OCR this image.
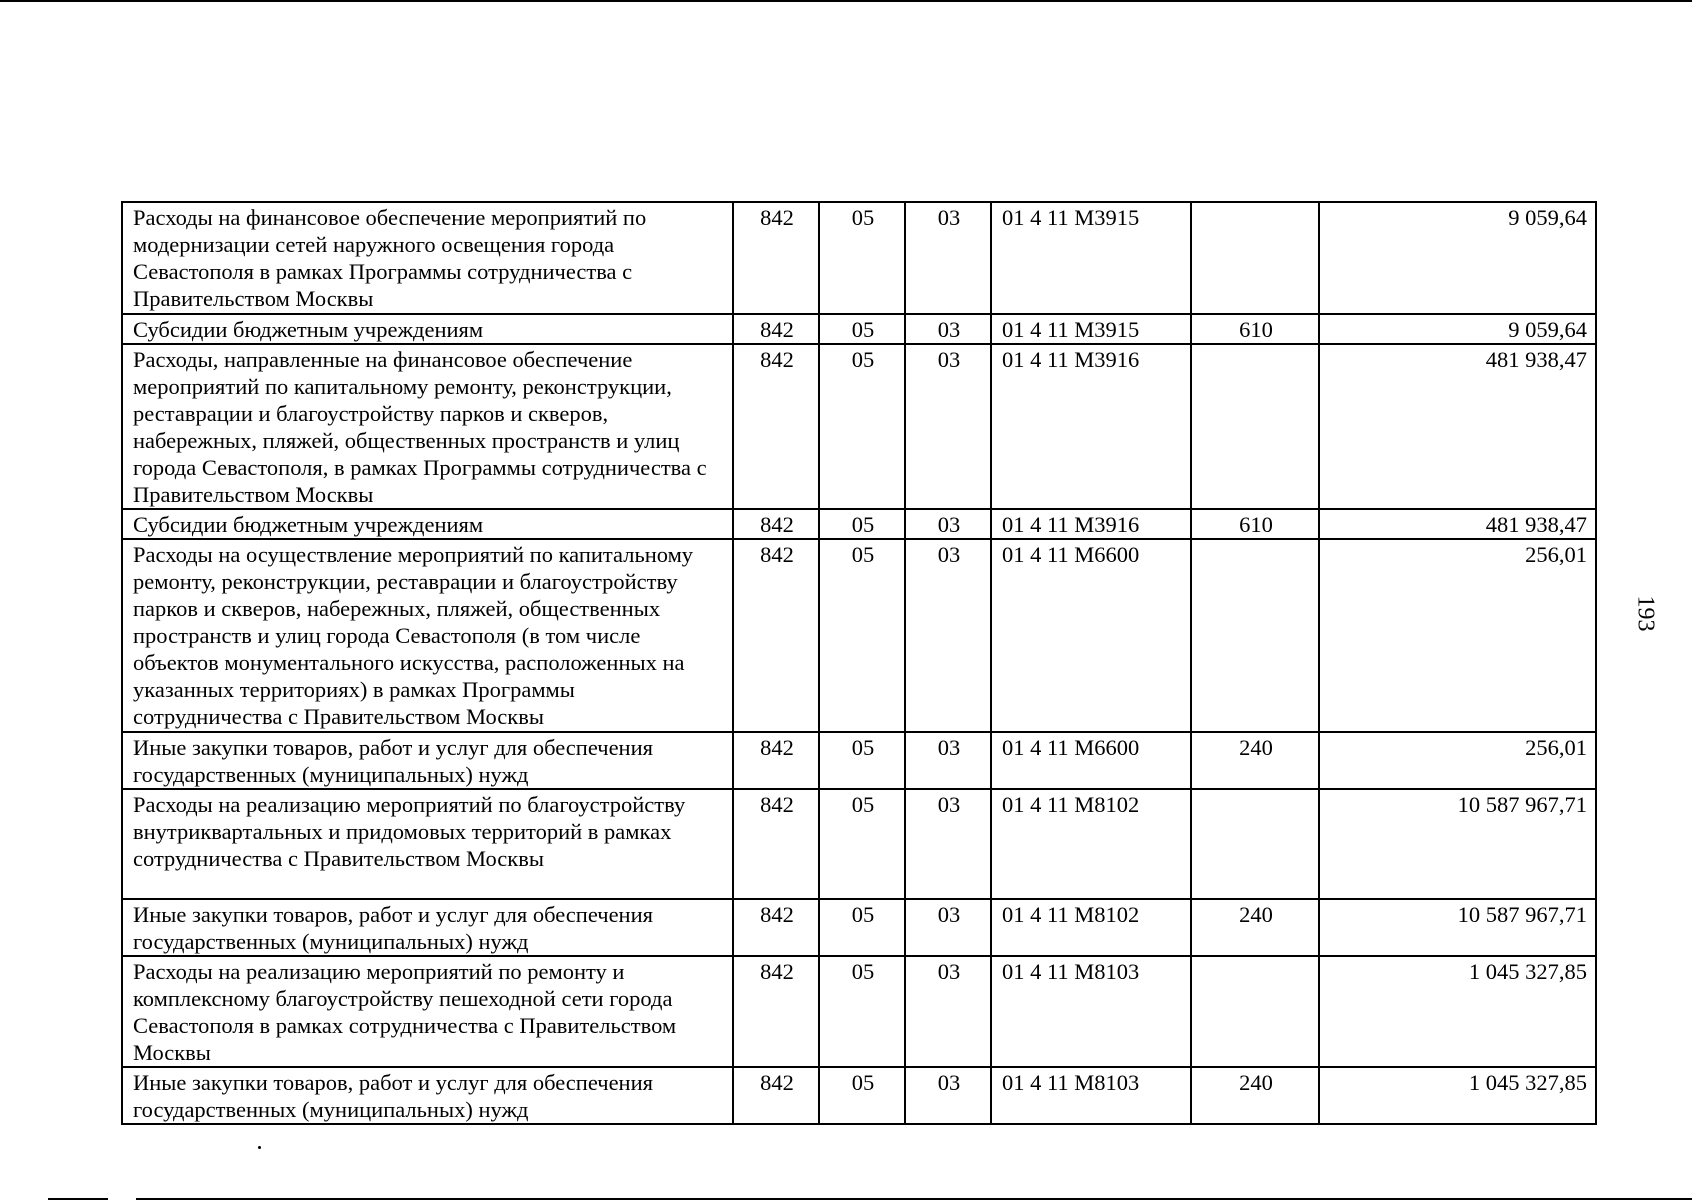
Расходы на финансовое обеспечение мероприятий по модернизации сетей наружного освещения города Севастополя в рамках Программы сотрудничества с Правительством Москвы	842	05	03	01 4 11 М3915		9 059,64
Субсидии бюджетным учреждениям	842	05	03	01 4 11 М3915	610	9 059,64
Расходы, направленные на финансовое обеспечение мероприятий по капитальному ремонту, реконструкции, реставрации и благоустройству парков и скверов, набережных, пляжей, общественных пространств и улиц города Севастополя, в рамках Программы сотрудничества с Правительством Москвы	842	05	03	01 4 11 М3916		481 938,47
Субсидии бюджетным учреждениям	842	05	03	01 4 11 М3916	610	481 938,47
Расходы на осуществление мероприятий по капитальному ремонту, реконструкции, реставрации и благоустройству парков и скверов, набережных, пляжей, общественных пространств и улиц города Севастополя (в том числе объектов монументального искусства, расположенных на указанных территориях) в рамках Программы сотрудничества с Правительством Москвы	842	05	03	01 4 11 М6600		256,01
Иные закупки товаров, работ и услуг для обеспечения государственных (муниципальных) нужд	842	05	03	01 4 11 М6600	240	256,01
Расходы на реализацию мероприятий по благоустройству внутриквартальных и придомовых территорий в рамках сотрудничества с Правительством Москвы	842	05	03	01 4 11 М8102		10 587 967,71
Иные закупки товаров, работ и услуг для обеспечения государственных (муниципальных) нужд	842	05	03	01 4 11 М8102	240	10 587 967,71
Расходы на реализацию мероприятий по ремонту и комплексному благоустройству пешеходной сети города Севастополя в рамках сотрудничества с Правительством Москвы	842	05	03	01 4 11 М8103		1 045 327,85
Иные закупки товаров, работ и услуг для обеспечения государственных (муниципальных) нужд	842	05	03	01 4 11 М8103	240	1 045 327,85
193
